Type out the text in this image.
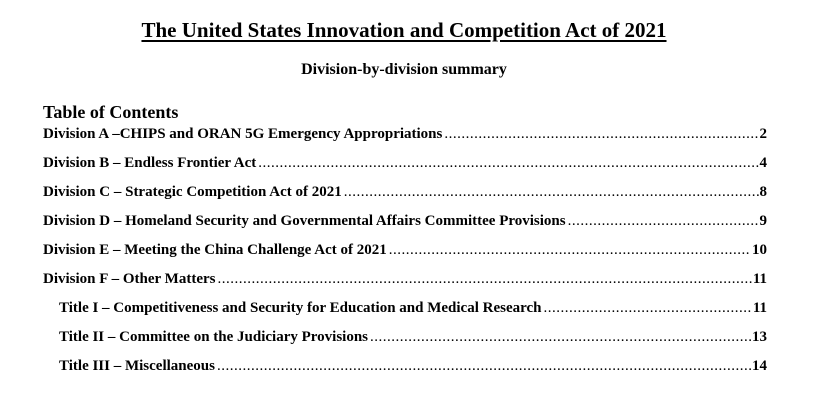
The United States Innovation and Competition Act of 2021
Division-by-division summary
Table of Contents
Division A –CHIPS and ORAN 5G Emergency Appropriations .....	2
Division B – Endless Frontier Act .....	4
Division C – Strategic Competition Act of 2021 .....	8
Division D – Homeland Security and Governmental Affairs Committee Provisions .....	9
Division E – Meeting the China Challenge Act of 2021 .....	10
Division F – Other Matters .....	11
Title I – Competitiveness and Security for Education and Medical Research .....	11
Title II – Committee on the Judiciary Provisions .....	13
Title III – Miscellaneous .....	14
